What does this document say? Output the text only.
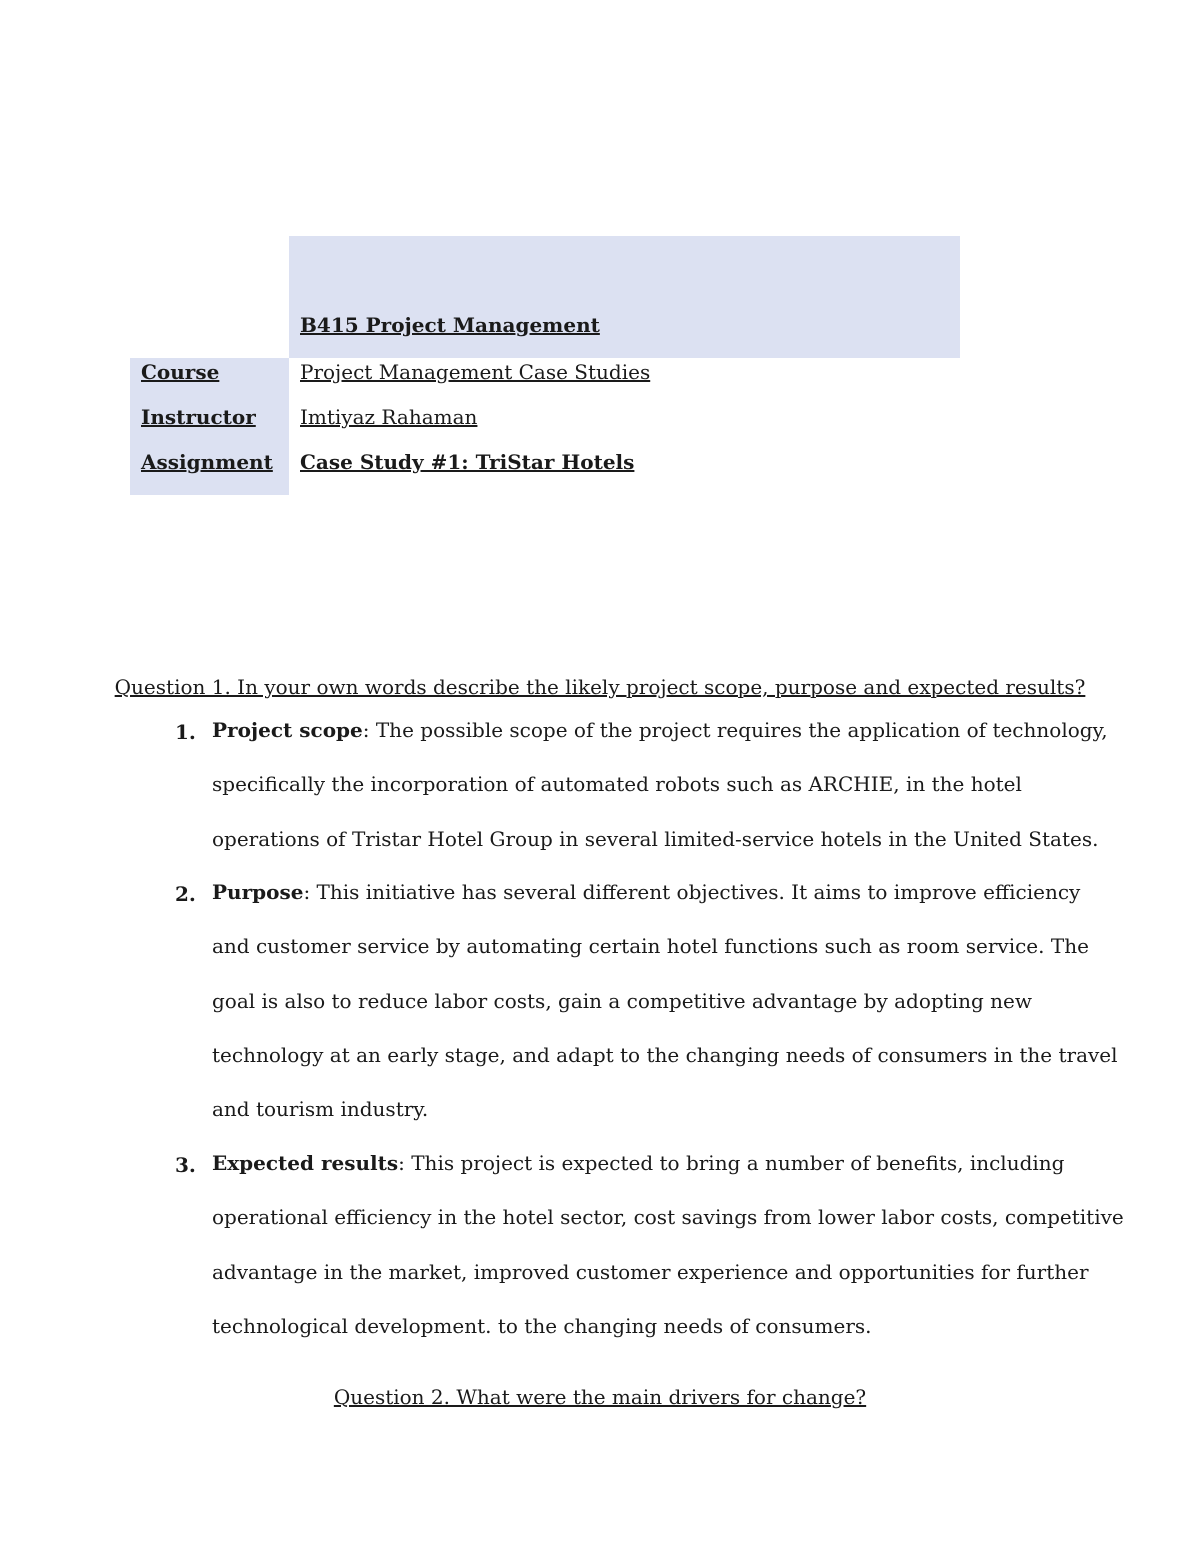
B415 Project Management
Course	Project Management Case Studies
Instructor Imtiyaz Rahaman
Assignment Case Study #1: TriStar Hotels
Question 1. In your own words describe the likely project scope, purpose and expected results?
1. Project scope: The possible scope of the project requires the application of technology,
specifically the incorporation of automated robots such as ARCHIE, in the hotel
operations of Tristar Hotel Group in several limited-service hotels in the United States.
2. Purpose: This initiative has several different objectives. It aims to improve efficiency
and customer service by automating certain hotel functions such as room service. The
goal is also to reduce labor costs, gain a competitive advantage by adopting new
technology at an early stage, and adapt to the changing needs of consumers in the travel
and tourism industry.
3. Expected results: This project is expected to bring a number of benefits, including
operational efficiency in the hotel sector, cost savings from lower labor costs, competitive
advantage in the market, improved customer experience and opportunities for further
technological development. to the changing needs of consumers.
Question 2. What were the main drivers for change?
